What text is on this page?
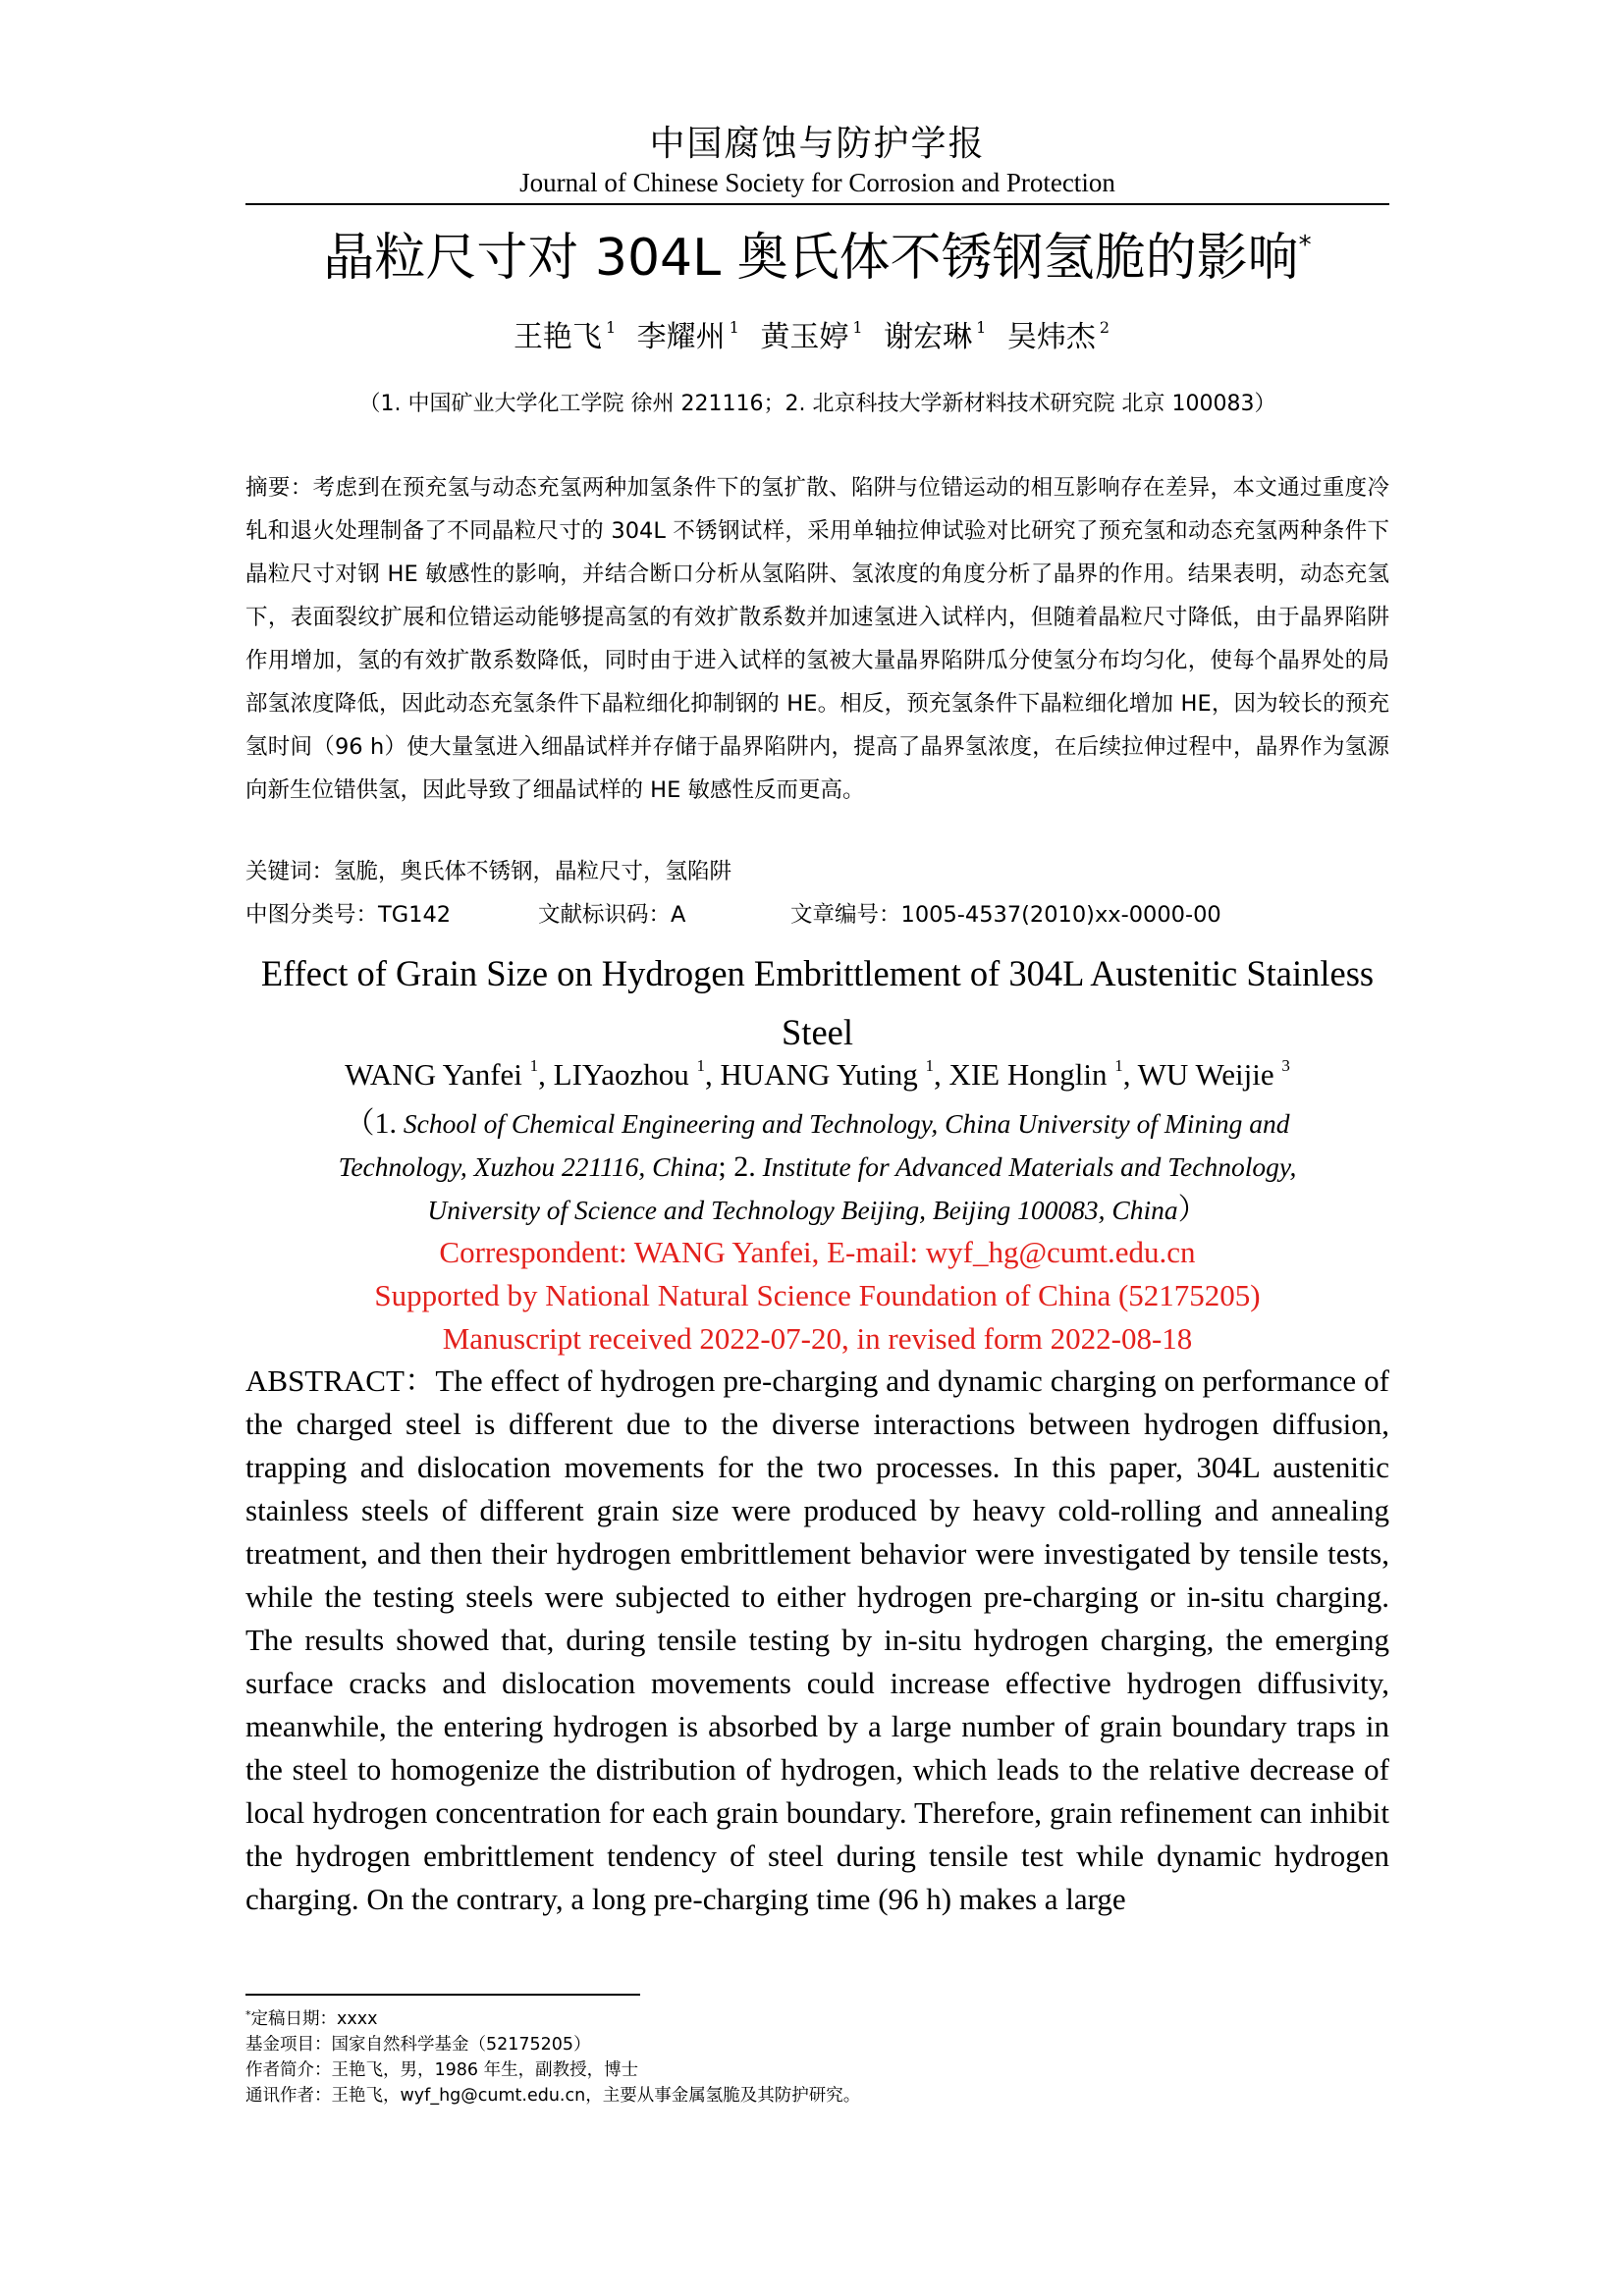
中国腐蚀与防护学报
Journal of Chinese Society for Corrosion and Protection
晶粒尺寸对 304L 奥氏体不锈钢氢脆的影响*
王艳飞 $^1$ 李耀州 $^1$ 黄玉婷 $^1$ 谢宏琳 $^1$ 吴炜杰 $^2$
（1. 中国矿业大学化工学院 徐州 221116；2. 北京科技大学新材料技术研究院 北京 100083）
摘要：考虑到在预充氢与动态充氢两种加氢条件下的氢扩散、陷阱与位错运动的相互影响存在差异，本文通过重度冷轧和退火处理制备了不同晶粒尺寸的 304L 不锈钢试样，采用单轴拉伸试验对比研究了预充氢和动态充氢两种条件下晶粒尺寸对钢 HE 敏感性的影响，并结合断口分析从氢陷阱、氢浓度的角度分析了晶界的作用。结果表明，动态充氢下，表面裂纹扩展和位错运动能够提高氢的有效扩散系数并加速氢进入试样内，但随着晶粒尺寸降低，由于晶界陷阱作用增加，氢的有效扩散系数降低，同时由于进入试样的氢被大量晶界陷阱瓜分使氢分布均匀化，使每个晶界处的局部氢浓度降低，因此动态充氢条件下晶粒细化抑制钢的 HE。相反，预充氢条件下晶粒细化增加 HE，因为较长的预充氢时间（96 h）使大量氢进入细晶试样并存储于晶界陷阱内，提高了晶界氢浓度，在后续拉伸过程中，晶界作为氢源向新生位错供氢，因此导致了细晶试样的 HE 敏感性反而更高。
关键词：氢脆，奥氏体不锈钢，晶粒尺寸，氢陷阱
中图分类号：TG142	文献标识码：A	文章编号：1005-4537(2010)xx-0000-00
Effect of Grain Size on Hydrogen Embrittlement of 304L Austenitic Stainless Steel
WANG Yanfei $^1$, LIYaozhou $^1$, HUANG Yuting $^1$, XIE Honglin $^1$, WU Weijie $^3$
（1. School of Chemical Engineering and Technology, China University of Mining and Technology, Xuzhou 221116, China; 2. Institute for Advanced Materials and Technology, University of Science and Technology Beijing, Beijing 100083, China）
Correspondent: WANG Yanfei, E-mail: wyf_hg@cumt.edu.cn
Supported by National Natural Science Foundation of China (52175205)
Manuscript received 2022-07-20, in revised form 2022-08-18
ABSTRACT：The effect of hydrogen pre-charging and dynamic charging on performance of the charged steel is different due to the diverse interactions between hydrogen diffusion, trapping and dislocation movements for the two processes. In this paper, 304L austenitic stainless steels of different grain size were produced by heavy cold-rolling and annealing treatment, and then their hydrogen embrittlement behavior were investigated by tensile tests, while the testing steels were subjected to either hydrogen pre-charging or in-situ charging. The results showed that, during tensile testing by in-situ hydrogen charging, the emerging surface cracks and dislocation movements could increase effective hydrogen diffusivity, meanwhile, the entering hydrogen is absorbed by a large number of grain boundary traps in the steel to homogenize the distribution of hydrogen, which leads to the relative decrease of local hydrogen concentration for each grain boundary. Therefore, grain refinement can inhibit the hydrogen embrittlement tendency of steel during tensile test while dynamic hydrogen charging. On the contrary, a long pre-charging time (96 h) makes a large
*定稿日期：xxxx
基金项目：国家自然科学基金（52175205）
作者简介：王艳飞，男，1986 年生，副教授，博士
通讯作者：王艳飞，wyf_hg@cumt.edu.cn，主要从事金属氢脆及其防护研究。
